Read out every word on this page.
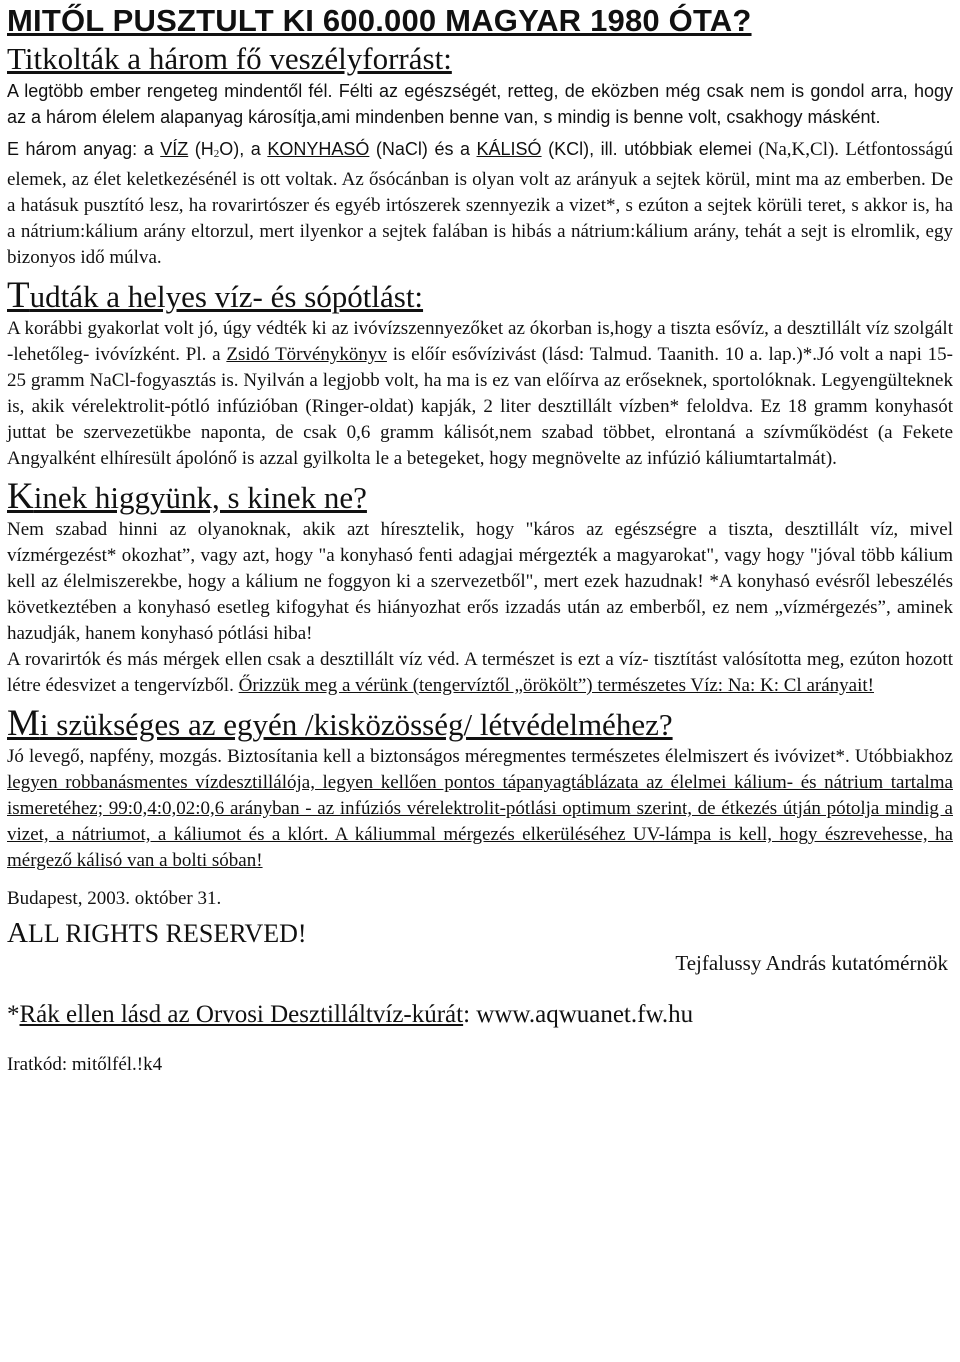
MITŐL PUSZTULT KI 600.000 MAGYAR 1980 ÓTA?
Titkolták a három fő veszélyforrást:

A legtöbb ember rengeteg mindentől fél. Félti az egészségét, retteg, de eközben még csak nem is gondol arra, hogy az a három élelem alapanyag károsítja,ami mindenben benne van, s mindig is benne volt, csakhogy másként.

E három anyag: a VÍZ $(H_2O)$, a KONYHASÓ (NaCl) és a KÁLISÓ (KCl), ill. utóbbiak elemei (Na,K,Cl). Létfontosságú elemek, az élet keletkezésénél is ott voltak. Az ősócánban is olyan volt az arányuk a sejtek körül, mint ma az emberben. De a hatásuk pusztító lesz, ha rovarirtószer és egyéb irtószerek szennyezik a vizet*, s ezúton a sejtek körüli teret, s akkor is, ha a nátrium:kálium arány eltorzul, mert ilyenkor a sejtek falában is hibás a nátrium:kálium arány, tehát a sejt is elromlik, egy bizonyos idő múlva.

Tudták a helyes víz- és sópótlást:

A korábbi gyakorlat volt jó, úgy védték ki az ivóvízszennyezőket az ókorban is,hogy a tiszta esővíz, a desztillált víz szolgált -lehetőleg- ivóvízként. Pl. a Zsidó Törvénykönyv is előír esővízivást (lásd: Talmud. Taanith. 10 a. lap.)*.Jó volt a napi 15-25 gramm NaCl-fogyasztás is. Nyilván a legjobb volt, ha ma is ez van előírva az erőseknek, sportolóknak. Legyengülteknek is, akik vérelektrolit-pótló infúzióban (Ringer-oldat) kapják, 2 liter desztillált vízben* feloldva. Ez 18 gramm konyhasót juttat be szervezetükbe naponta, de csak 0,6 gramm kálisót,nem szabad többet, elrontaná a szívműködést (a Fekete Angyalként elhíresült ápolónő is azzal gyilkolta le a betegeket, hogy megnövelte az infúzió káliumtartalmát).

Kinek higgyünk, s kinek ne?

Nem szabad hinni az olyanoknak, akik azt híresztelik, hogy "káros az egészségre a tiszta, desztillált víz, mivel vízmérgezést* okozhat”, vagy azt, hogy "a konyhasó fenti adagjai mérgezték a magyarokat", vagy hogy "jóval több kálium kell az élelmiszerekbe, hogy a kálium ne foggyon ki a szervezetből", mert ezek hazudnak! *A konyhasó evésről lebeszélés következtében a konyhasó esetleg kifogyhat és hiányozhat erős izzadás után az emberből, ez nem „vízmérgezés”, aminek hazudják, hanem konyhasó pótlási hiba!

A rovarirtók és más mérgek ellen csak a desztillált víz véd. A természet is ezt a víz- tisztítást valósította meg, ezúton hozott létre édesvizet a tengervízből. Őrizzük meg a vérünk (tengervíztől „örökölt”) természetes Víz: Na: K: Cl arányait!

Mi szükséges az egyén /kisközösség/ létvédelméhez?

Jó levegő, napfény, mozgás. Biztosítania kell a biztonságos méregmentes természetes élelmiszert és ivóvizet*. Utóbbiakhoz legyen robbanásmentes vízdesztillálója, legyen kellően pontos tápanyagtáblázata az élelmei kálium- és nátrium tartalma ismeretéhez; 99:0,4:0,02:0,6 arányban - az infúziós vérelektrolit-pótlási optimum szerint, de étkezés útján pótolja mindig a vizet, a nátriumot, a káliumot és a klórt. A káliummal mérgezés elkerüléséhez UV-lámpa is kell, hogy észrevehesse, ha mérgező kálisó van a bolti sóban!

Budapest, 2003. október 31.

ALL RIGHTS RESERVED!

Tejfalussy András kutatómérnök

*Rák ellen lásd az Orvosi Desztilláltvíz-kúrát: www.aqwuanet.fw.hu

Iratkód: mitőlfél.!k4
